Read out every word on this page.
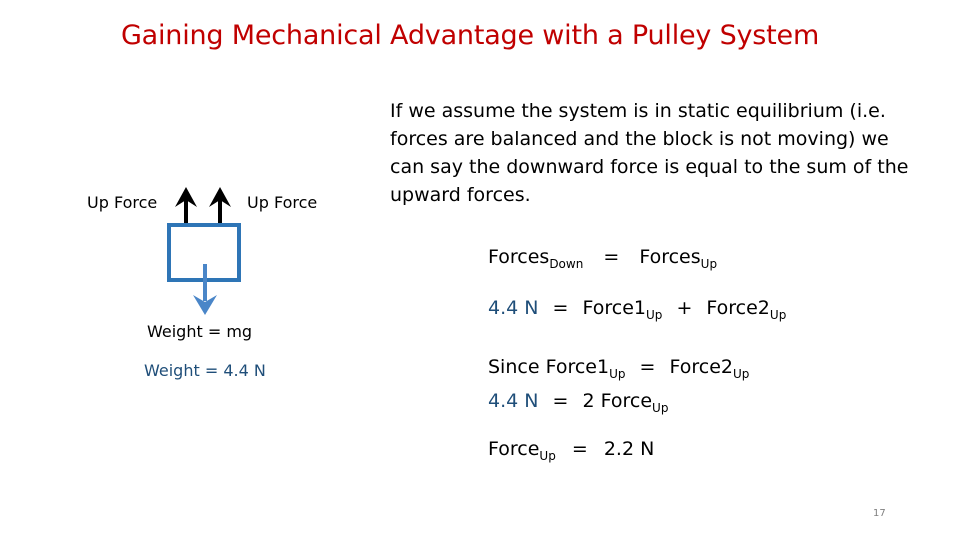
Gaining Mechanical Advantage with a Pulley System
Up Force	Up Force
Weight = mg
Weight = 4.4 N
If we assume the system is in static equilibrium (i.e. forces are balanced and the block is not moving) we can say the downward force is equal to the sum of the upward forces.
Forces$_{Down}$ = Forces$_{Up}$
4.4 $N = Force1_{Up}$ + $Force2_{Up}$
Since $Force1_{Up}$ = $Force2_{Up}$
4.4 N = 2 Force$_{Up}$
Force$_{Up}$ = 2.2 N
17
